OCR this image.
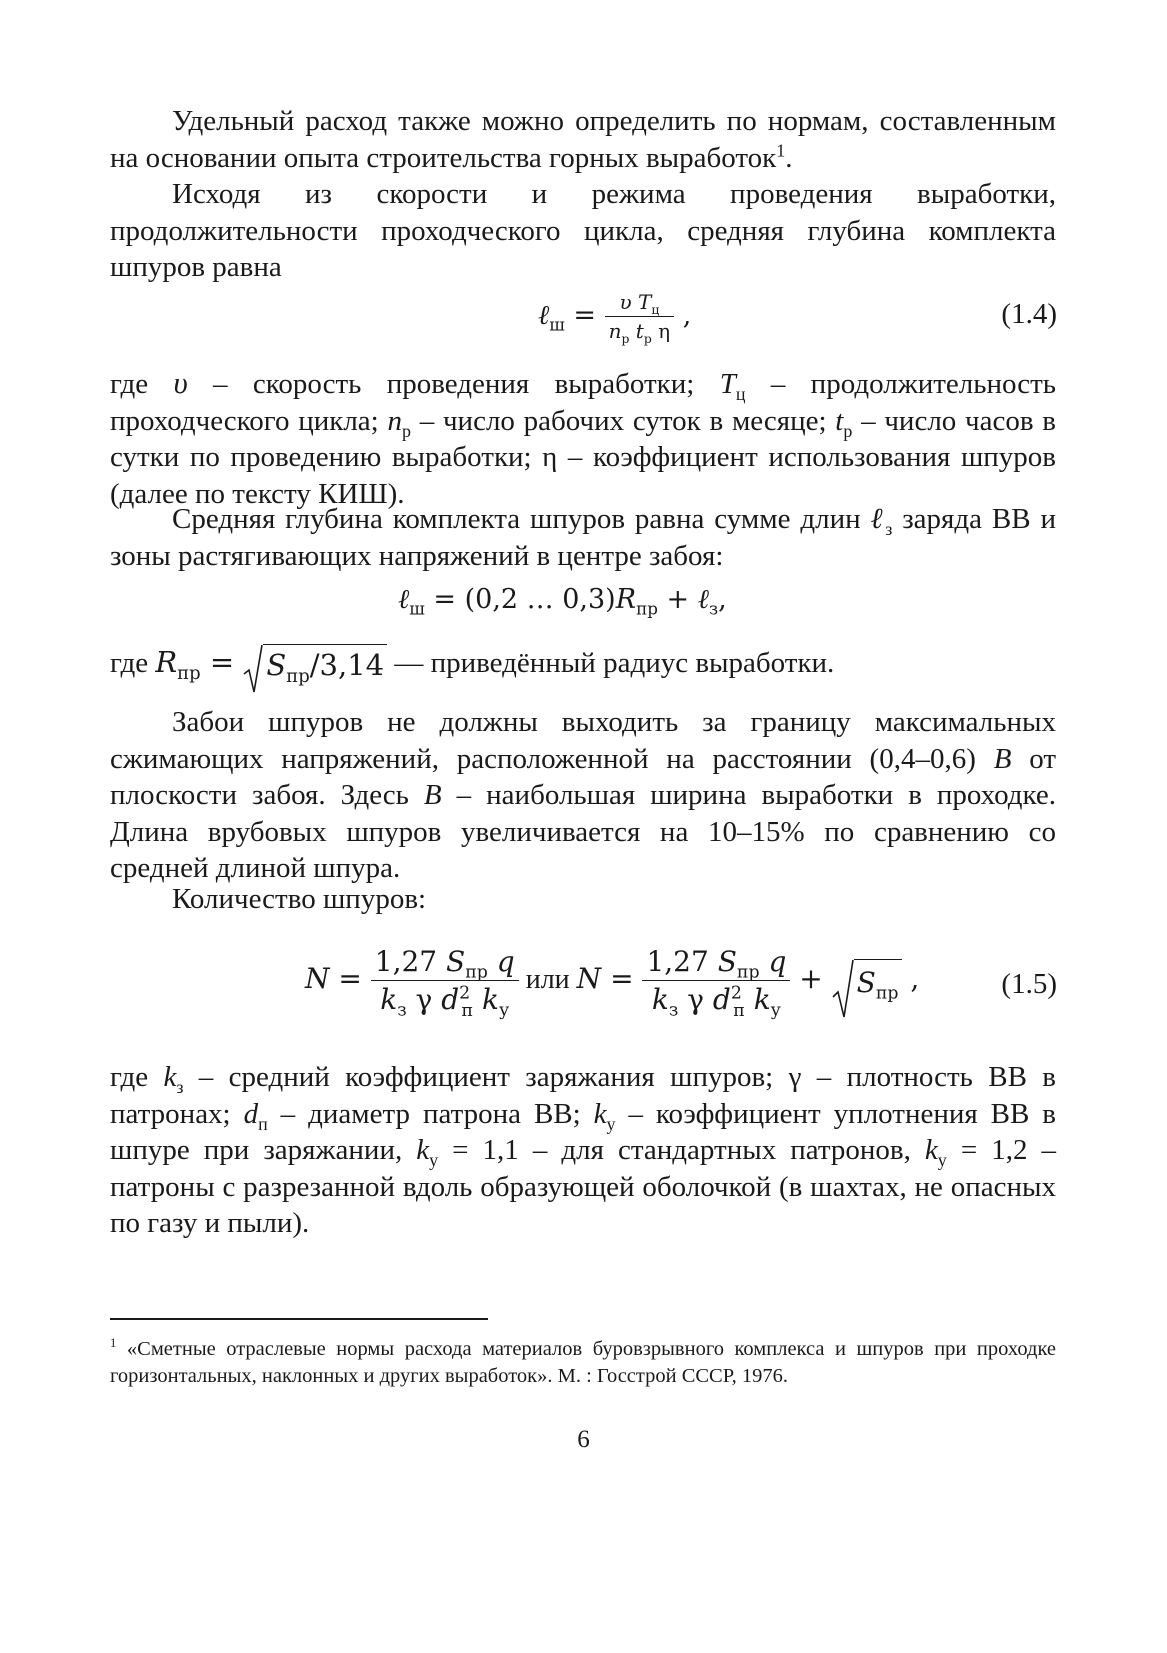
Удельный расход также можно определить по нормам, составленным на основании опыта строительства горных выработок$^1$.
Исходя из скорости и режима проведения выработки, продолжительности проходческого цикла, средняя глубина комплекта шпуров равна
ℓ$_ш$ = $\frac{\upsilon T_ц}{n_р t_р \eta}$ ,	(1.4)
где υ – скорость проведения выработки; $T_ц$ – продолжительность проходческого цикла; $n_р$ – число рабочих суток в месяце; $t_р$ – число часов в сутки по проведению выработки; η – коэффициент использования шпуров (далее по тексту КИШ).
Средняя глубина комплекта шпуров равна сумме длин ℓ$_з$ заряда ВВ и зоны растягивающих напряжений в центре забоя:
ℓ$_ш$ = (0,2 … $0,3)R_{пр}$ + ℓ$_з$,
где $R_{пр}$ =
$S_{пр}/3,14$ — приведённый радиус выработки.
Забои шпуров не должны выходить за границу максимальных сжимающих напряжений, расположенной на расстоянии (0,4–0,6) B от плоскости забоя. Здесь B – наибольшая ширина выработки в проходке. Длина врубовых шпуров увеличивается на 10–15% по сравнению со средней длиной шпура.
Количество шпуров:
$N = \frac{1,27 S_{пр} q}{k_з \gamma d^2_п k_у}$ или $N = \frac{1,27 S_{пр} q}{k_з \gamma d^2_п k_у}$ +
$S_{пр}$ ,	(1.5)
где $k_з$ – средний коэффициент заряжания шпуров; γ – плотность ВВ в патронах; $d_п$ – диаметр патрона ВВ; $k_у$ – коэффициент уплотнения ВВ в шпуре при заряжании, $k_у = 1,1$ – для стандартных патронов, $k_у = 1,2$ – патроны с разрезанной вдоль образующей оболочкой (в шахтах, не опасных по газу и пыли).
$^1$ «Сметные отраслевые нормы расхода материалов буровзрывного комплекса и шпуров при проходке горизонтальных, наклонных и других выработок». М. : Госстрой СССР, 1976.
6
